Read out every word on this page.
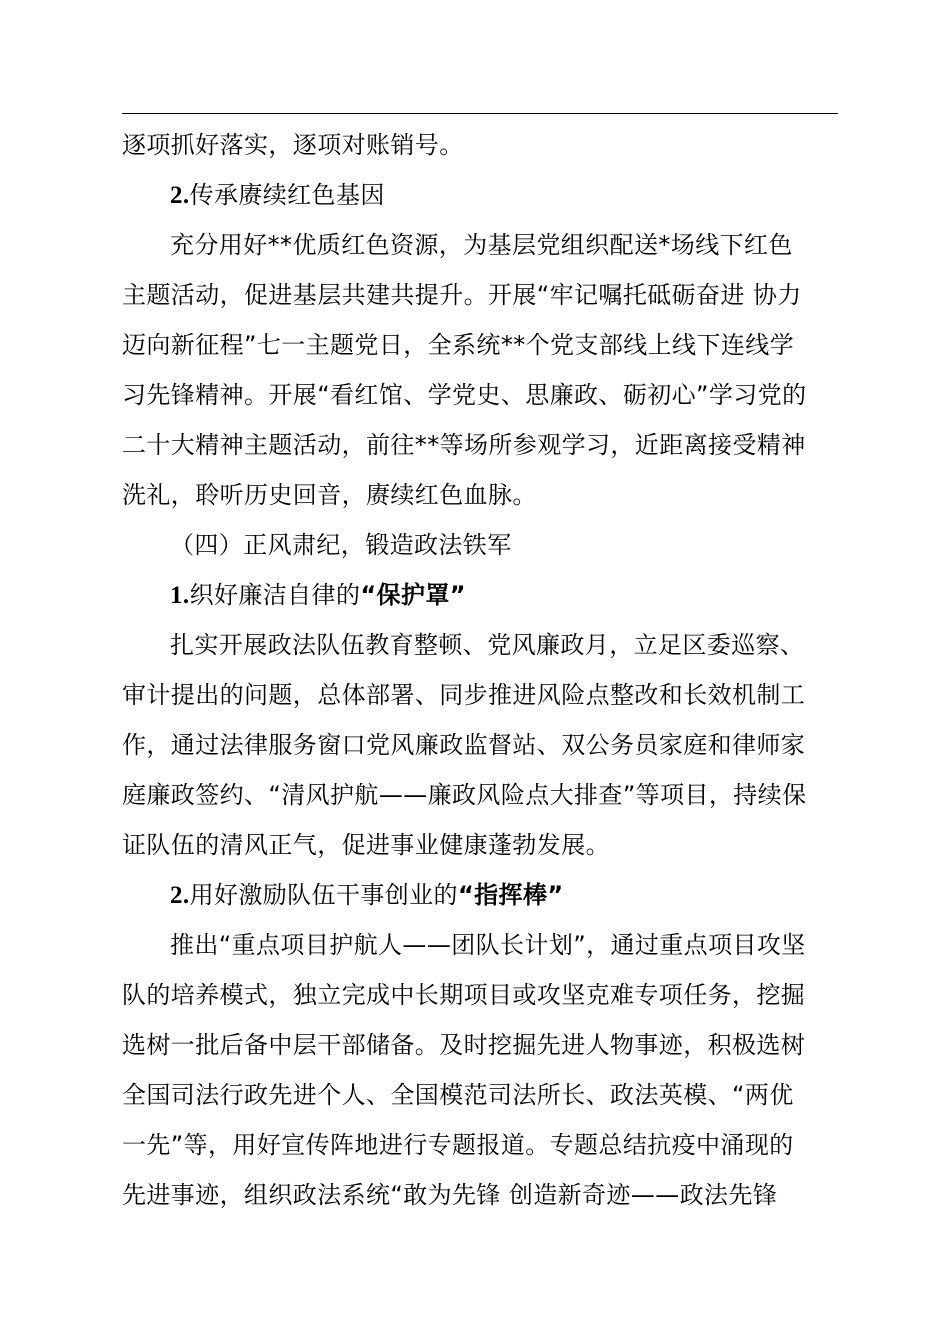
逐项抓好落实，逐项对账销号。

2.传承赓续红色基因

充分用好**优质红色资源，为基层党组织配送*场线下红色

主题活动，促进基层共建共提升。开展“牢记嘱托砥砺奋进 协力

迈向新征程”七一主题党日，全系统**个党支部线上线下连线学

习先锋精神。开展“看红馆、学党史、思廉政、砺初心”学习党的

二十大精神主题活动，前往**等场所参观学习，近距离接受精神

洗礼，聆听历史回音，赓续红色血脉。

（四）正风肃纪，锻造政法铁军

1.织好廉洁自律的“保护罩”

扎实开展政法队伍教育整顿、党风廉政月，立足区委巡察、

审计提出的问题，总体部署、同步推进风险点整改和长效机制工

作，通过法律服务窗口党风廉政监督站、双公务员家庭和律师家

庭廉政签约、“清风护航——廉政风险点大排查”等项目，持续保

证队伍的清风正气，促进事业健康蓬勃发展。

2.用好激励队伍干事创业的“指挥棒”

推出“重点项目护航人——团队长计划”，通过重点项目攻坚

队的培养模式，独立完成中长期项目或攻坚克难专项任务，挖掘

选树一批后备中层干部储备。及时挖掘先进人物事迹，积极选树

全国司法行政先进个人、全国模范司法所长、政法英模、“两优

一先”等，用好宣传阵地进行专题报道。专题总结抗疫中涌现的

先进事迹，组织政法系统“敢为先锋 创造新奇迹——政法先锋
